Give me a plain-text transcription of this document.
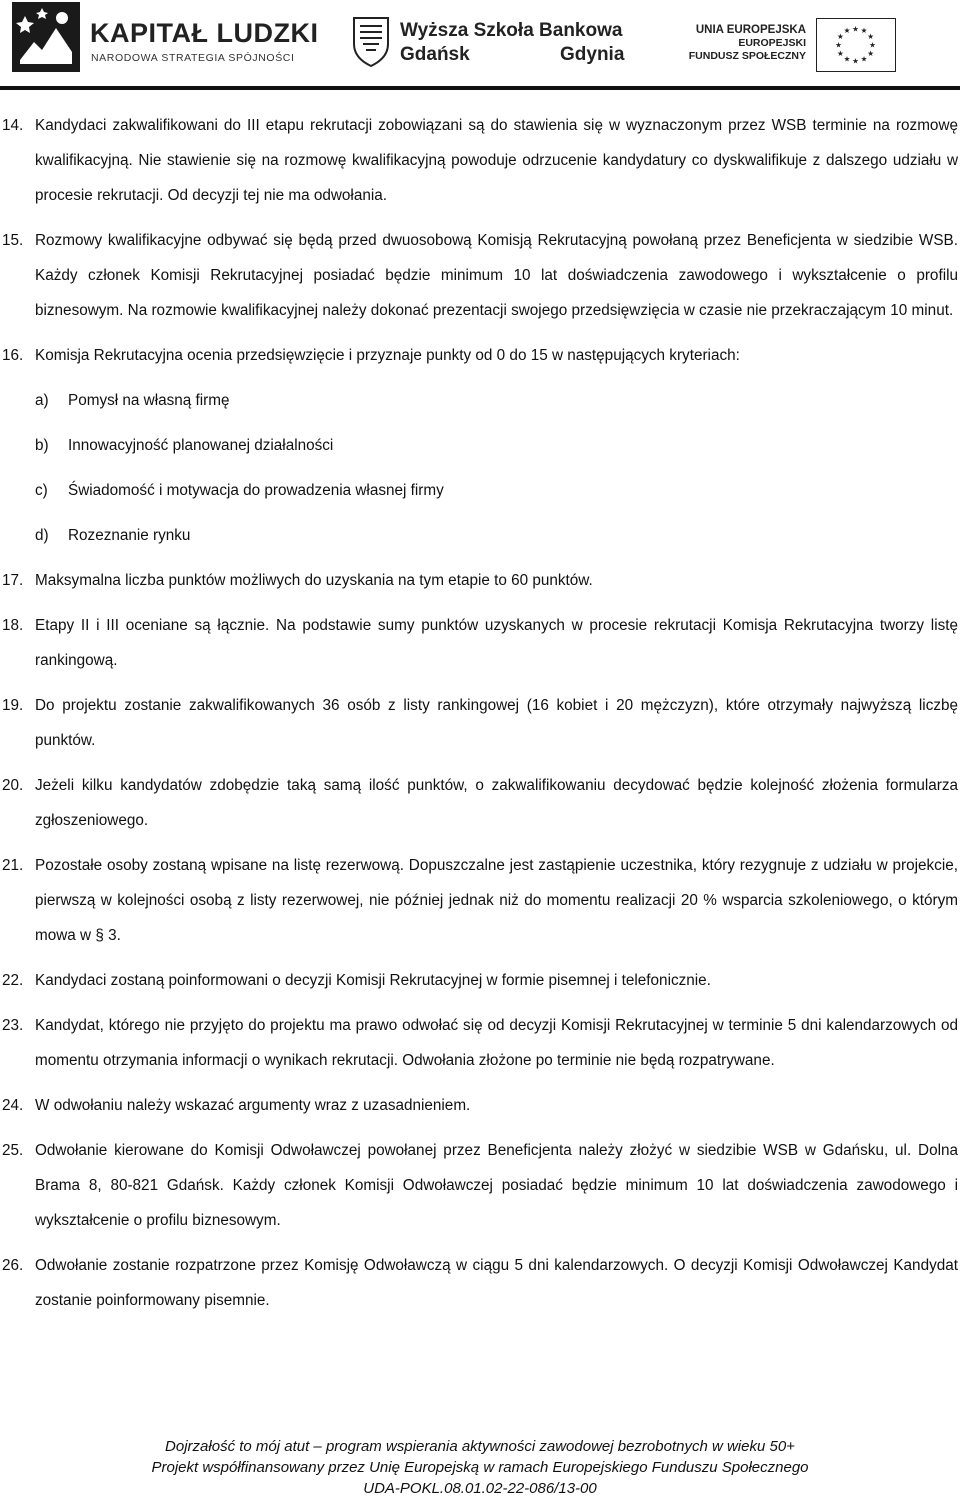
KAPITAŁ LUDZKI
NARODOWA STRATEGIA SPÓJNOŚCI
Wyższa Szkoła Bankowa
Gdańsk	Gdynia
UNIA EUROPEJSKA
EUROPEJSKI
FUNDUSZ SPOŁECZNY
★ ★
★
★
★
★
★
★
★
★
★
★
14. Kandydaci zakwalifikowani do III etapu rekrutacji zobowiązani są do stawienia się w wyznaczonym przez WSB terminie na rozmowę kwalifikacyjną. Nie stawienie się na rozmowę kwalifikacyjną powoduje odrzucenie kandydatury co dyskwalifikuje z dalszego udziału w procesie rekrutacji. Od decyzji tej nie ma odwołania.
15. Rozmowy kwalifikacyjne odbywać się będą przed dwuosobową Komisją Rekrutacyjną powołaną przez Beneficjenta w siedzibie WSB. Każdy członek Komisji Rekrutacyjnej posiadać będzie minimum 10 lat doświadczenia zawodowego i wykształcenie o profilu biznesowym. Na rozmowie kwalifikacyjnej należy dokonać prezentacji swojego przedsięwzięcia w czasie nie przekraczającym 10 minut.
16. Komisja Rekrutacyjna ocenia przedsięwzięcie i przyznaje punkty od 0 do 15 w następujących kryteriach:
a) Pomysł na własną firmę
b) Innowacyjność planowanej działalności
c) Świadomość i motywacja do prowadzenia własnej firmy
d) Rozeznanie rynku
17. Maksymalna liczba punktów możliwych do uzyskania na tym etapie to 60 punktów.
18. Etapy II i III oceniane są łącznie. Na podstawie sumy punktów uzyskanych w procesie rekrutacji Komisja Rekrutacyjna tworzy listę rankingową.
19. Do projektu zostanie zakwalifikowanych 36 osób z listy rankingowej (16 kobiet i 20 mężczyzn), które otrzymały najwyższą liczbę punktów.
20. Jeżeli kilku kandydatów zdobędzie taką samą ilość punktów, o zakwalifikowaniu decydować będzie kolejność złożenia formularza zgłoszeniowego.
21. Pozostałe osoby zostaną wpisane na listę rezerwową. Dopuszczalne jest zastąpienie uczestnika, który rezygnuje z udziału w projekcie, pierwszą w kolejności osobą z listy rezerwowej, nie później jednak niż do momentu realizacji 20 % wsparcia szkoleniowego, o którym mowa w § 3.
22. Kandydaci zostaną poinformowani o decyzji Komisji Rekrutacyjnej w formie pisemnej i telefonicznie.
23. Kandydat, którego nie przyjęto do projektu ma prawo odwołać się od decyzji Komisji Rekrutacyjnej w terminie 5 dni kalendarzowych od momentu otrzymania informacji o wynikach rekrutacji. Odwołania złożone po terminie nie będą rozpatrywane.
24. W odwołaniu należy wskazać argumenty wraz z uzasadnieniem.
25. Odwołanie kierowane do Komisji Odwoławczej powołanej przez Beneficjenta należy złożyć w siedzibie WSB w Gdańsku, ul. Dolna Brama 8, 80-821 Gdańsk. Każdy członek Komisji Odwoławczej posiadać będzie minimum 10 lat doświadczenia zawodowego i wykształcenie o profilu biznesowym.
26. Odwołanie zostanie rozpatrzone przez Komisję Odwoławczą w ciągu 5 dni kalendarzowych. O decyzji Komisji Odwoławczej Kandydat zostanie poinformowany pisemnie.
Dojrzałość to mój atut – program wspierania aktywności zawodowej bezrobotnych w wieku 50+
Projekt współfinansowany przez Unię Europejską w ramach Europejskiego Funduszu Społecznego
UDA-POKL.08.01.02-22-086/13-00
